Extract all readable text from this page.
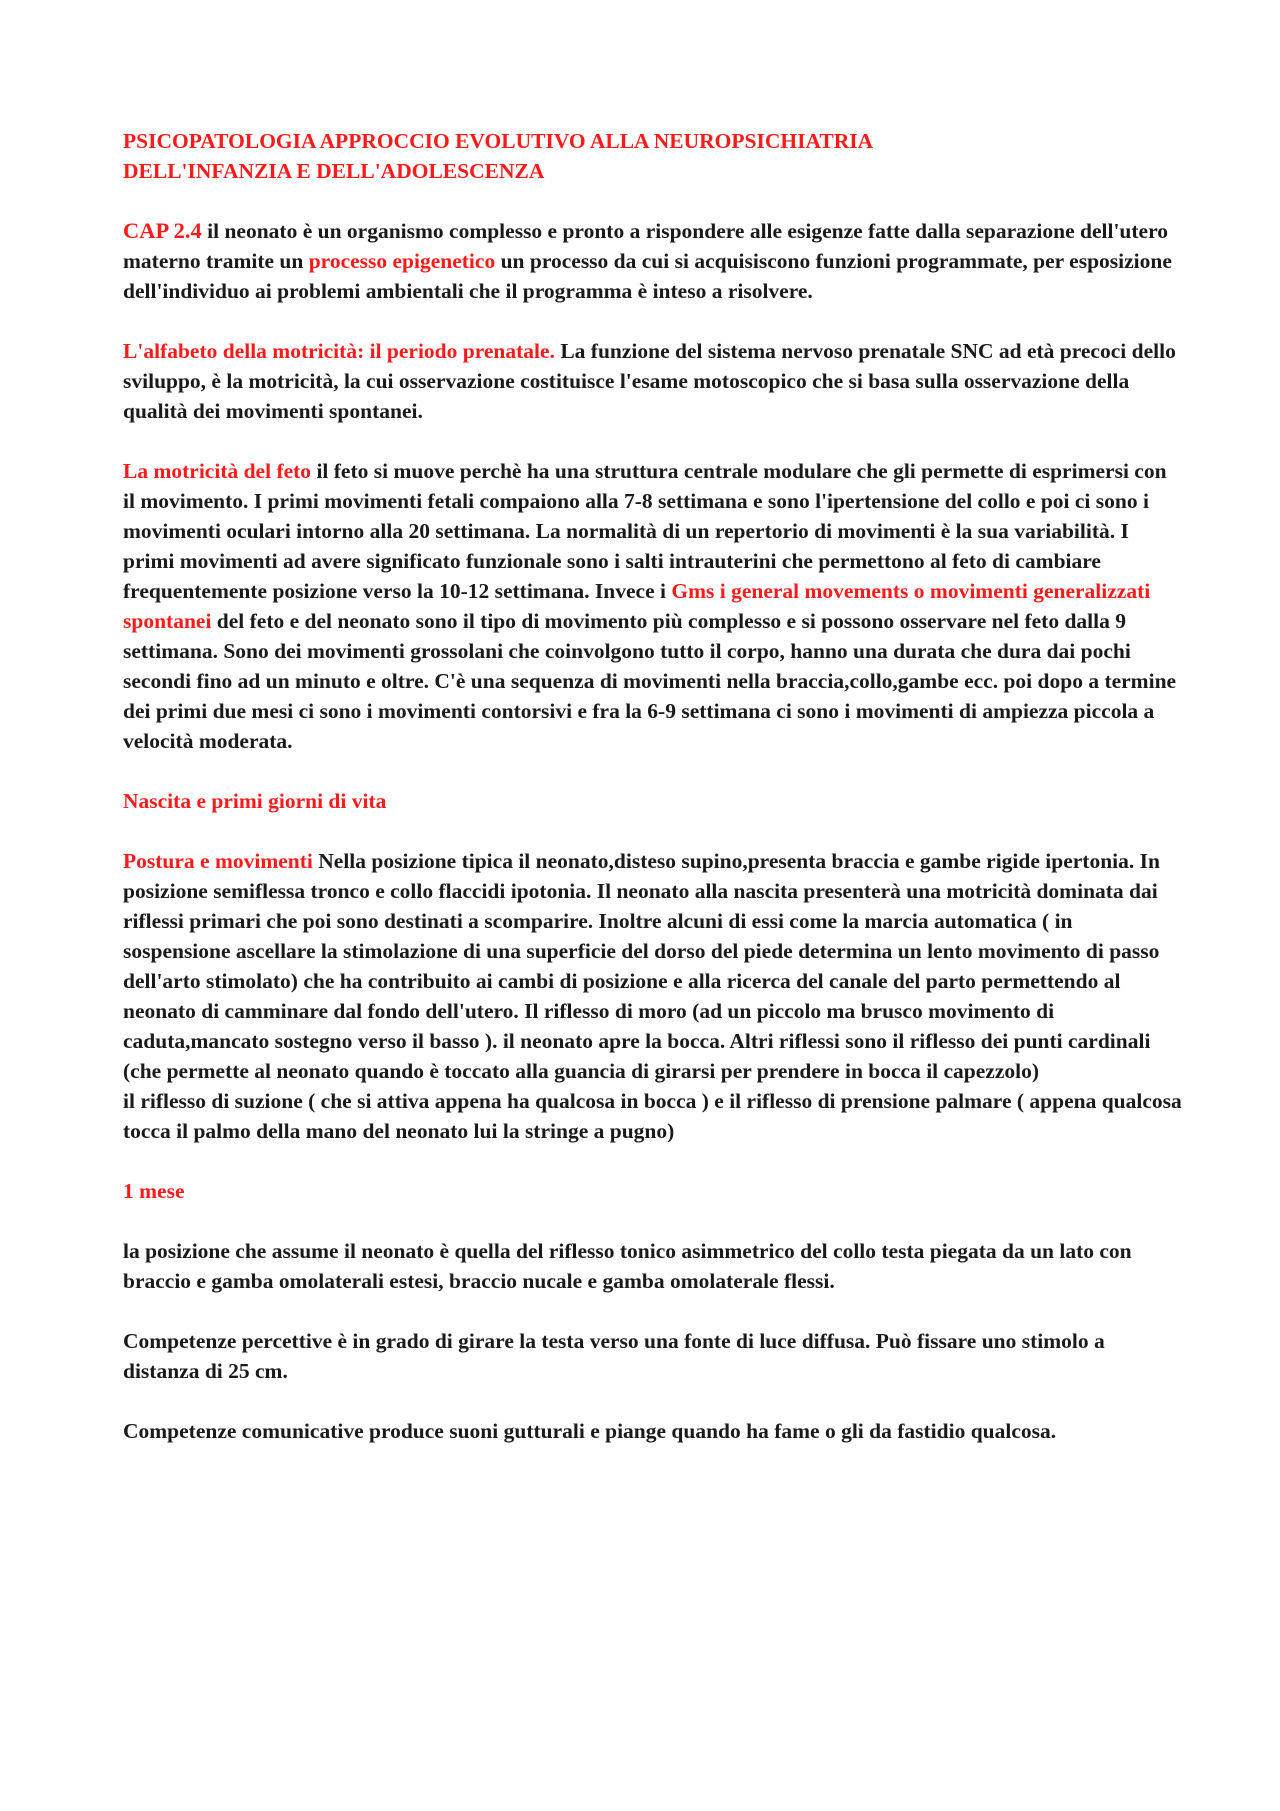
PSICOPATOLOGIA APPROCCIO EVOLUTIVO ALLA NEUROPSICHIATRIA
DELL'INFANZIA E DELL'ADOLESCENZA

CAP 2.4 il neonato è un organismo complesso e pronto a rispondere alle esigenze fatte dalla separazione dell'utero materno tramite un processo epigenetico un processo da cui si acquisiscono funzioni programmate, per esposizione dell'individuo ai problemi ambientali che il programma è inteso a risolvere.

L'alfabeto della motricità: il periodo prenatale. La funzione del sistema nervoso prenatale SNC ad età precoci dello sviluppo, è la motricità, la cui osservazione costituisce l'esame motoscopico che si basa sulla osservazione della qualità dei movimenti spontanei.

La motricità del feto il feto si muove perchè ha una struttura centrale modulare che gli permette di esprimersi con il movimento. I primi movimenti fetali compaiono alla 7-8 settimana e sono l'ipertensione del collo e poi ci sono i movimenti oculari intorno alla 20 settimana. La normalità di un repertorio di movimenti è la sua variabilità. I primi movimenti ad avere significato funzionale sono i salti intrauterini che permettono al feto di cambiare frequentemente posizione verso la 10-12 settimana. Invece i Gms i general movements o movimenti generalizzati spontanei del feto e del neonato sono il tipo di movimento più complesso e si possono osservare nel feto dalla 9 settimana. Sono dei movimenti grossolani che coinvolgono tutto il corpo, hanno una durata che dura dai pochi secondi fino ad un minuto e oltre. C'è una sequenza di movimenti nella braccia,collo,gambe ecc. poi dopo a termine dei primi due mesi ci sono i movimenti contorsivi e fra la 6-9 settimana ci sono i movimenti di ampiezza piccola a velocità moderata.

Nascita e primi giorni di vita

Postura e movimenti Nella posizione tipica il neonato,disteso supino,presenta braccia e gambe rigide ipertonia. In posizione semiflessa tronco e collo flaccidi ipotonia. Il neonato alla nascita presenterà una motricità dominata dai riflessi primari che poi sono destinati a scomparire. Inoltre alcuni di essi come la marcia automatica ( in sospensione ascellare la stimolazione di una superficie del dorso del piede determina un lento movimento di passo dell'arto stimolato) che ha contribuito ai cambi di posizione e alla ricerca del canale del parto permettendo al neonato di camminare dal fondo dell'utero. Il riflesso di moro (ad un piccolo ma brusco movimento di caduta,mancato sostegno verso il basso ). il neonato apre la bocca. Altri riflessi sono il riflesso dei punti cardinali (che permette al neonato quando è toccato alla guancia di girarsi per prendere in bocca il capezzolo)
il riflesso di suzione ( che si attiva appena ha qualcosa in bocca ) e il riflesso di prensione palmare ( appena qualcosa tocca il palmo della mano del neonato lui la stringe a pugno)

1 mese

la posizione che assume il neonato è quella del riflesso tonico asimmetrico del collo testa piegata da un lato con braccio e gamba omolaterali estesi, braccio nucale e gamba omolaterale flessi.

Competenze percettive è in grado di girare la testa verso una fonte di luce diffusa. Può fissare uno stimolo a distanza di 25 cm.

Competenze comunicative produce suoni gutturali e piange quando ha fame o gli da fastidio qualcosa.
